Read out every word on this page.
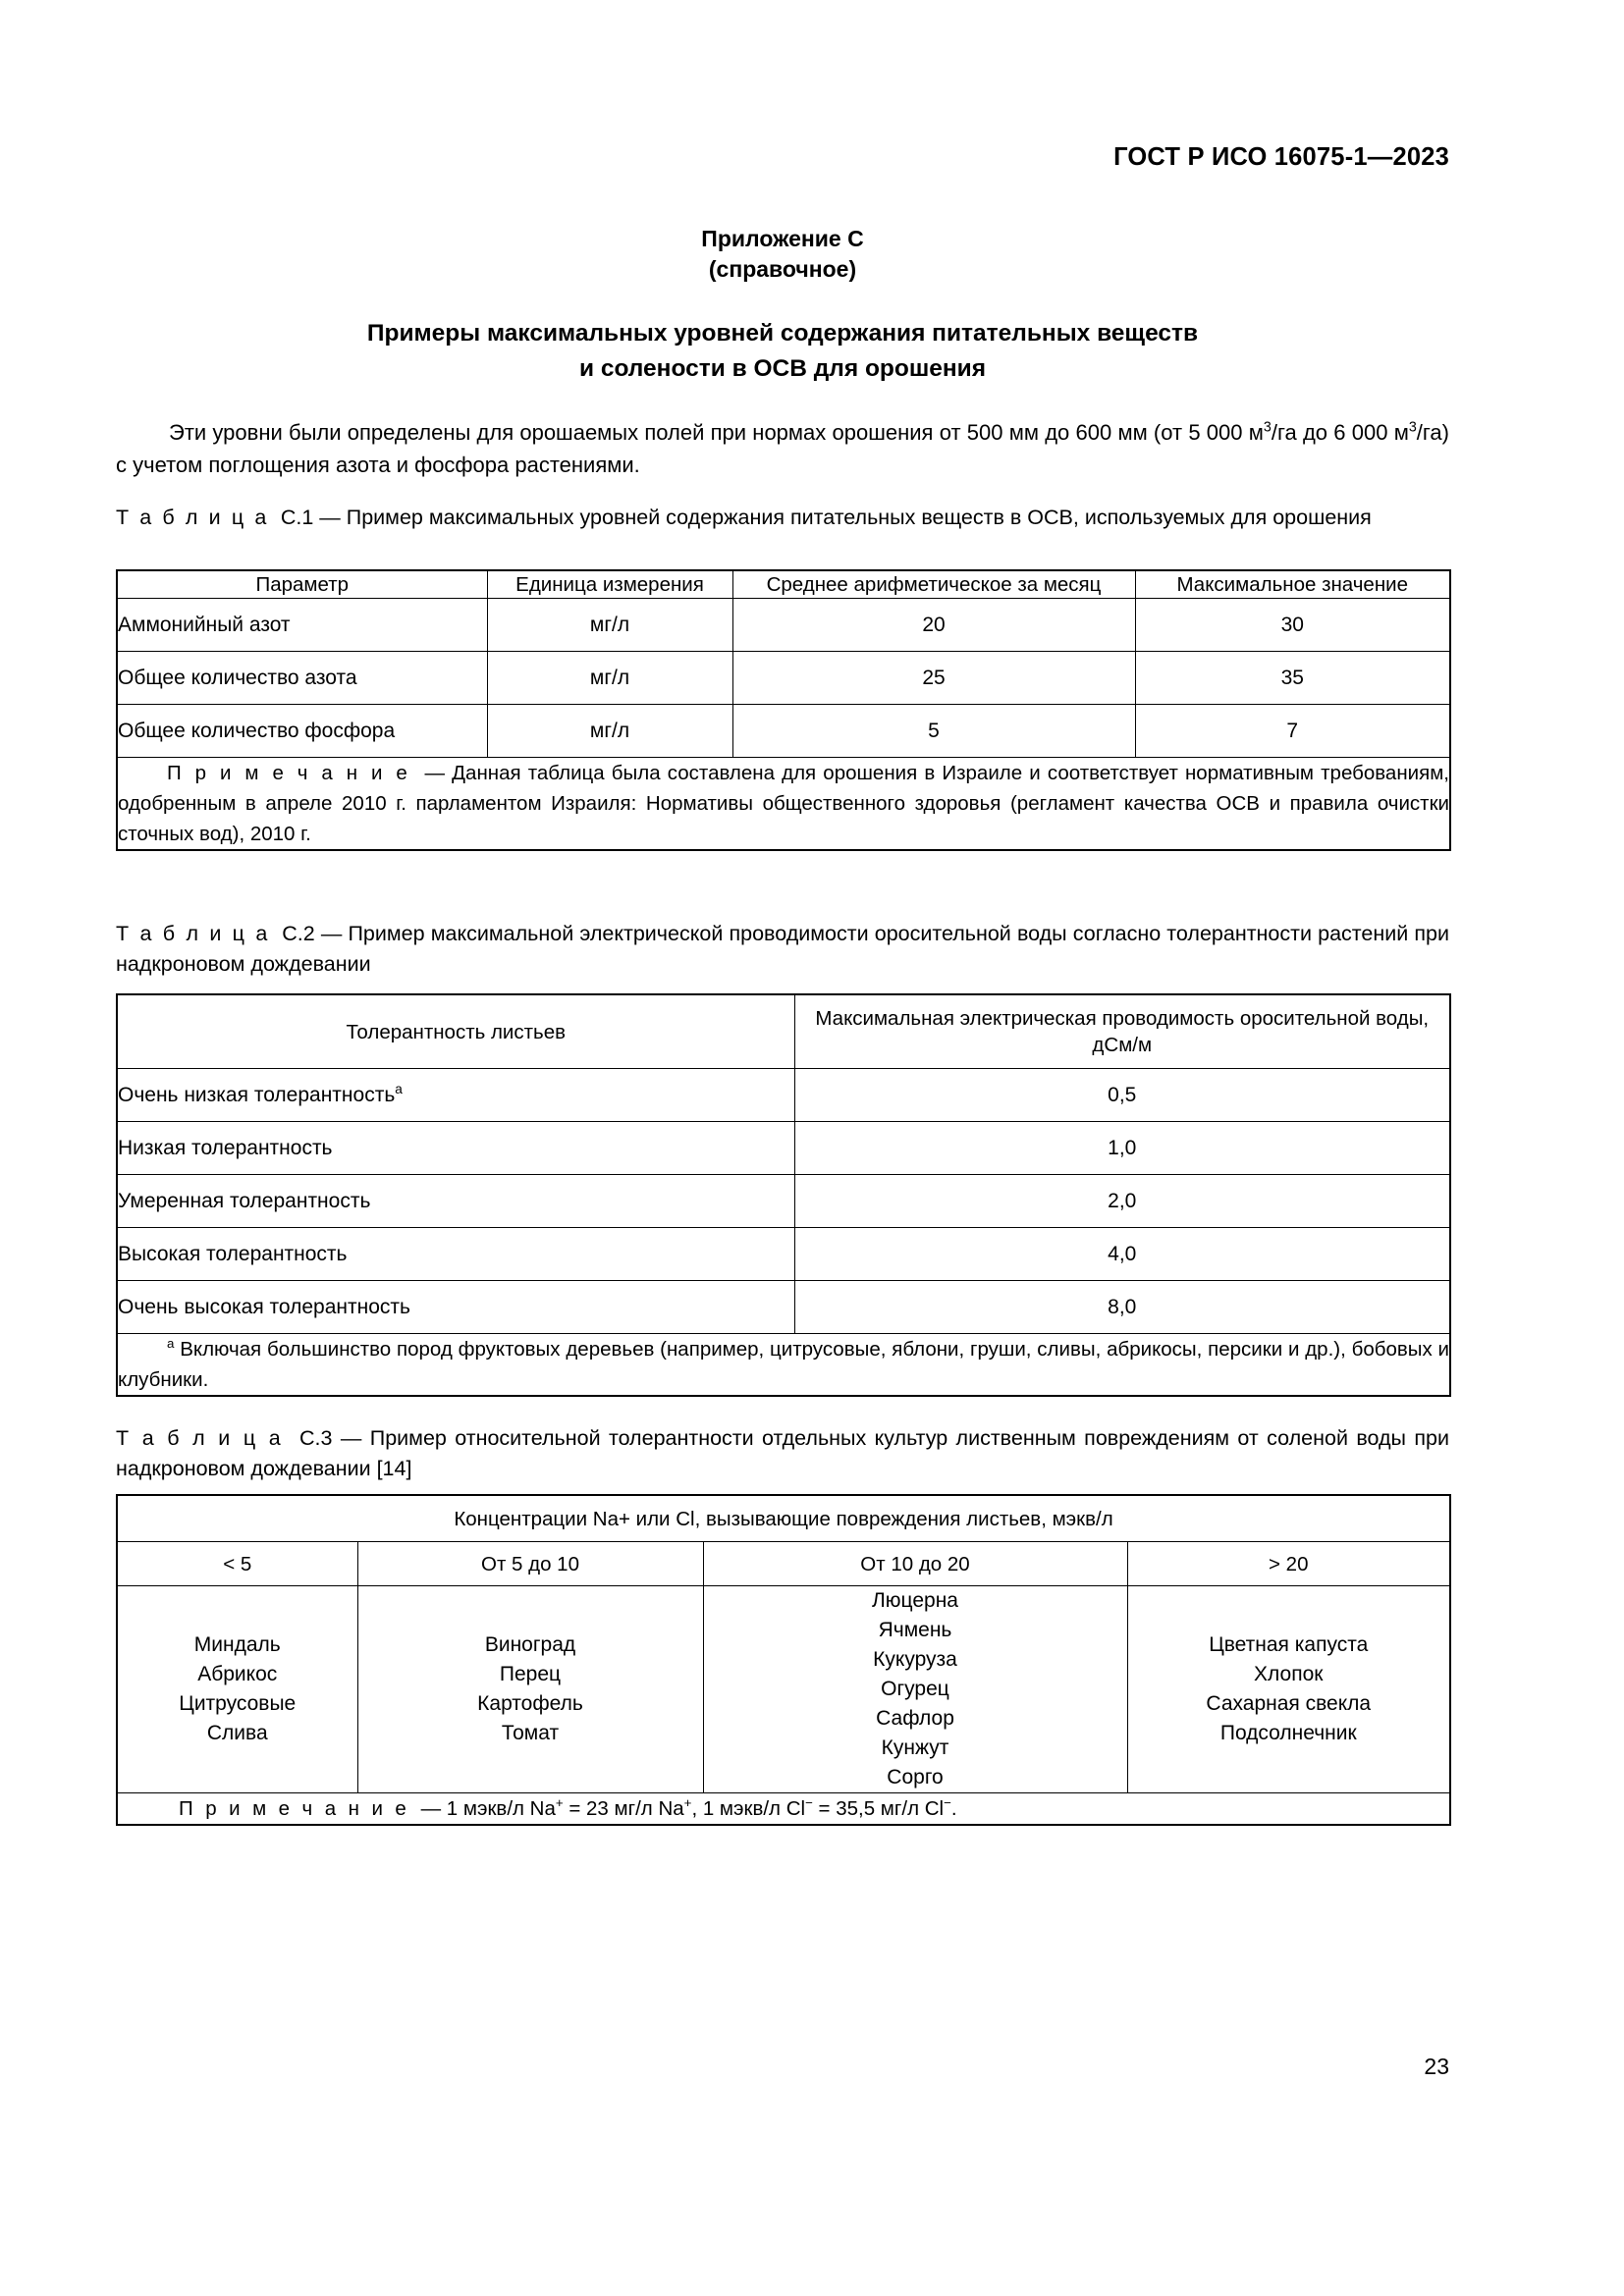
ГОСТ Р ИСО 16075-1—2023
Приложение С
(справочное)
Примеры максимальных уровней содержания питательных веществ
и солености в ОСВ для орошения
Эти уровни были определены для орошаемых полей при нормах орошения от 500 мм до 600 мм (от 5 000 $м^3/га$ до 6 000 $м^3/га$) с учетом поглощения азота и фосфора растениями.
Т а б л и ц а С.1 — Пример максимальных уровней содержания питательных веществ в ОСВ, используемых для орошения
Параметр	Единица измерения	Среднее арифметическое за месяц	Максимальное значение
Аммонийный азот	мг/л	20	30
Общее количество азота	мг/л	25	35
Общее количество фосфора	мг/л	5	7
П р и м е ч а н и е — Данная таблица была составлена для орошения в Израиле и соответствует нормативным требованиям, одобренным в апреле 2010 г. парламентом Израиля: Нормативы общественного здоровья (регламент качества ОСВ и правила очистки сточных вод), 2010 г.			
Т а б л и ц а С.2 — Пример максимальной электрической проводимости оросительной воды согласно толерантности растений при надкроновом дождевании
Толерантность листьев	Максимальная электрическая проводимость оросительной воды, дСм/м
Очень низкая толерантность$^a$	0,5
Низкая толерантность	1,0
Умеренная толерантность	2,0
Высокая толерантность	4,0
Очень высокая толерантность	8,0
$^a$ Включая большинство пород фруктовых деревьев (например, цитрусовые, яблони, груши, сливы, абрикосы, персики и др.), бобовых и клубники.	
Т а б л и ц а С.3 — Пример относительной толерантности отдельных культур лиственным повреждениям от соленой воды при надкроновом дождевании [14]
Концентрации Na+ или Cl, вызывающие повреждения листьев, мэкв/л			
< 5	От 5 до 10	От 10 до 20	> 20

Миндаль
Абрикос
Цитрусовые
Слива

Виноград
Перец
Картофель
Томат

Люцерна
Ячмень
Кукуруза
Огурец
Сафлор
Кунжут
Сорго

Цветная капуста
Хлопок
Сахарная свекла
Подсолнечник

П р и м е ч а н и е — 1 мэкв/л Na+ = 23 мг/л Na+, 1 мэкв/л Cl− = 35,5 мг/л Cl−.			
23
